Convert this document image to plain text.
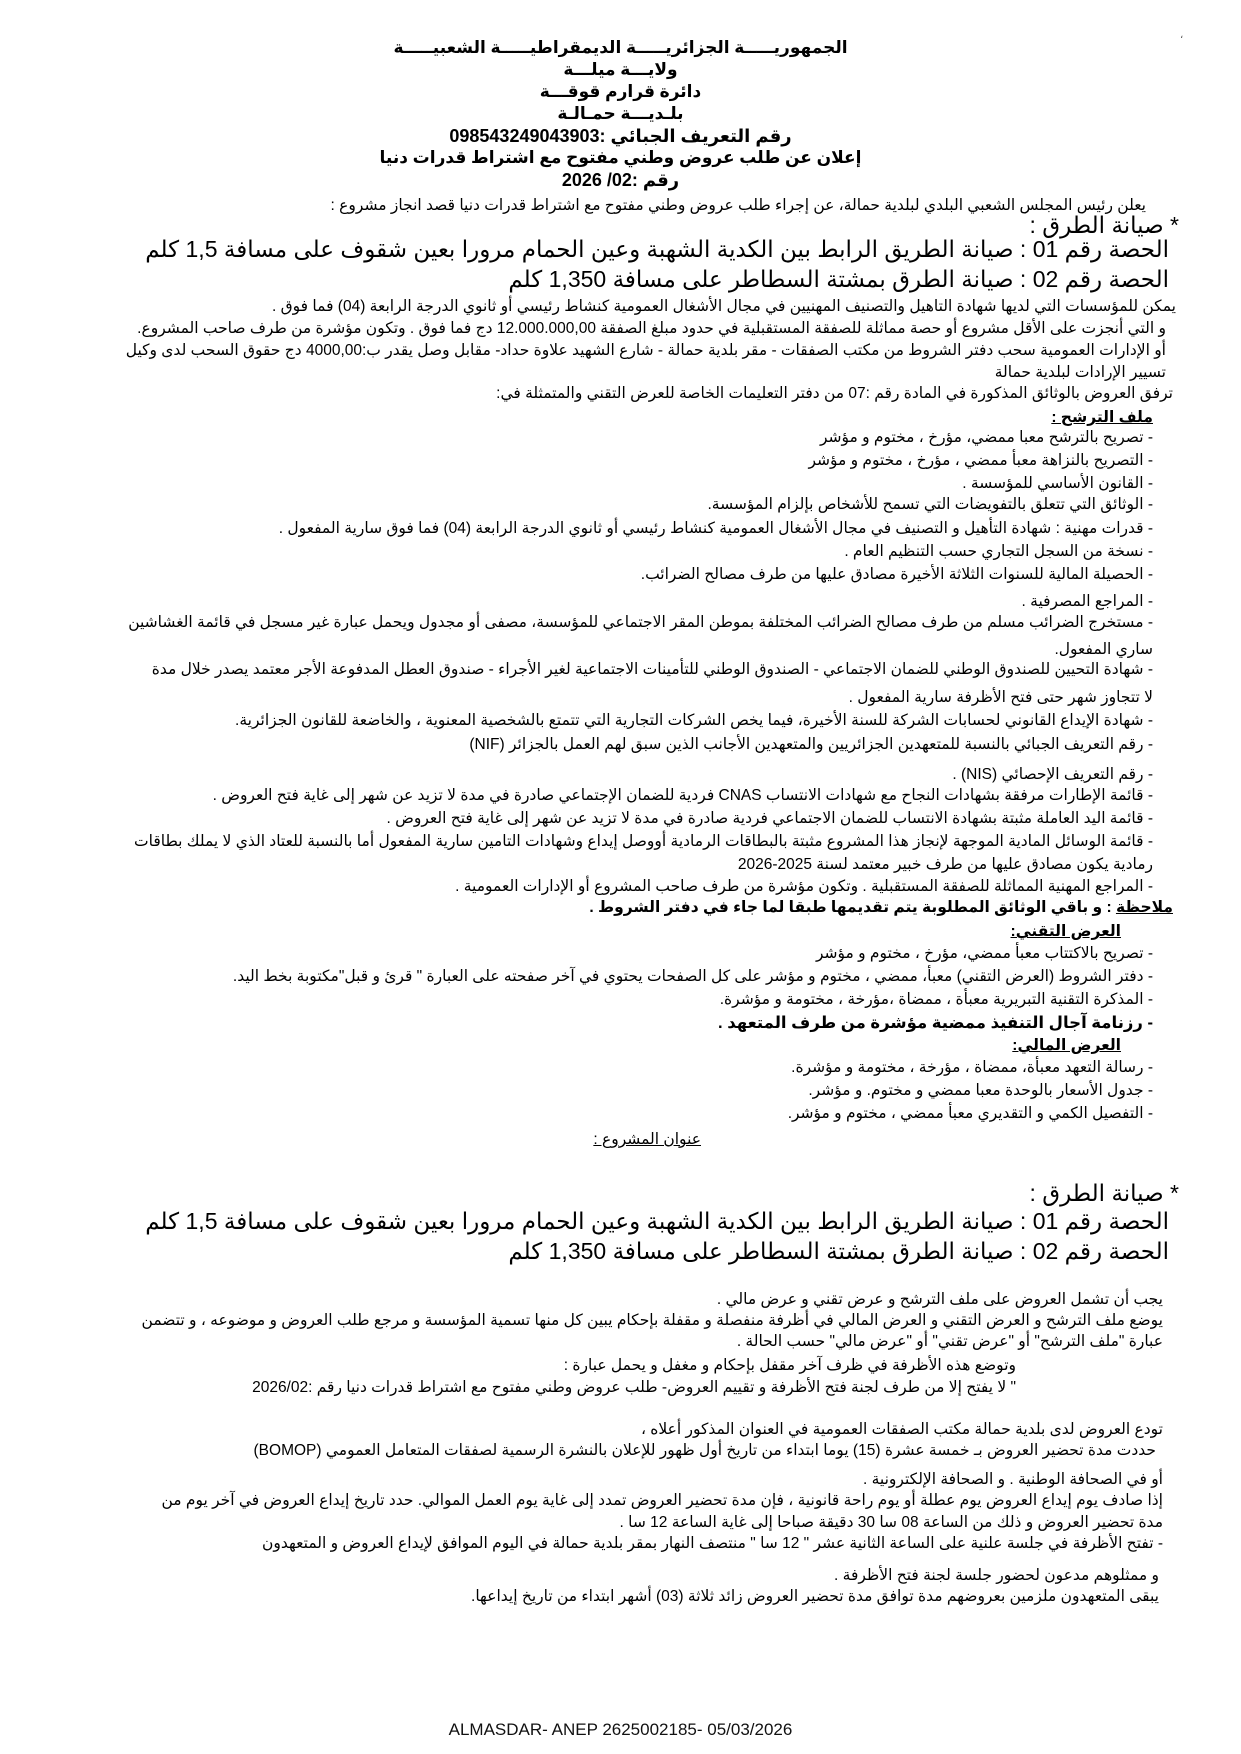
الجمهوريـــــة الجزائريـــــة الديمقراطيـــــة الشعبيـــــة
ولايـــة ميلـــة
دائرة قرارم قوقـــة
بلـديـــة حمـالـة
رقم التعريف الجبائي :098543249043903
إعلان عن طلب عروض وطني مفتوح مع اشتراط قدرات دنيا
رقم :02/ 2026
يعلن رئيس المجلس الشعبي البلدي لبلدية حمالة، عن إجراء طلب عروض وطني مفتوح مع اشتراط قدرات دنيا قصد انجاز مشروع :
* صيانة الطرق :
الحصة رقم 01 : صيانة الطريق الرابط بين الكدية الشهبة وعين الحمام مرورا بعين شقوف على مسافة 1,5 كلم
الحصة رقم 02 : صيانة الطرق بمشتة السطاطر على مسافة 1,350 كلم
يمكن للمؤسسات التي لديها شهادة التاهيل والتصنيف المهنيين في مجال الأشغال العمومية كنشاط رئيسي أو ثانوي الدرجة الرابعة (04) فما فوق .
و التي أنجزت على الأقل مشروع أو حصة مماثلة للصفقة المستقبلية في حدود مبلغ الصفقة 12.000.000,00 دج فما فوق . وتكون مؤشرة من طرف صاحب المشروع.
أو الإدارات العمومية سحب دفتر الشروط من مكتب الصفقات - مقر بلدية حمالة - شارع الشهيد علاوة حداد- مقابل وصل يقدر ب:4000,00 دج حقوق السحب لدى وكيل
تسيير الإرادات لبلدية حمالة
ترفق العروض بالوثائق المذكورة في المادة رقم :07 من دفتر التعليمات الخاصة للعرض التقني والمتمثلة في:
ملف الترشح :
- تصريح بالترشح معبا ممضي، مؤرخ ، مختوم و مؤشر
- التصريح بالنزاهة معبأ ممضي ، مؤرخ ، مختوم و مؤشر
- القانون الأساسي للمؤسسة .
- الوثائق التي تتعلق بالتفويضات التي تسمح للأشخاص بإلزام المؤسسة.
- قدرات مهنية : شهادة التأهيل و التصنيف في مجال الأشغال العمومية كنشاط رئيسي أو ثانوي الدرجة الرابعة (04) فما فوق سارية المفعول .
- نسخة من السجل التجاري حسب التنظيم العام .
- الحصيلة المالية للسنوات الثلاثة الأخيرة مصادق عليها من طرف مصالح الضرائب.
- المراجع المصرفية .
- مستخرج الضرائب مسلم من طرف مصالح الضرائب المختلفة بموطن المقر الاجتماعي للمؤسسة، مصفى أو مجدول ويحمل عبارة غير مسجل في قائمة الغشاشين
ساري المفعول.
- شهادة التحيين للصندوق الوطني للضمان الاجتماعي - الصندوق الوطني للتأمينات الاجتماعية لغير الأجراء - صندوق العطل المدفوعة الأجر معتمد يصدر خلال مدة
لا تتجاوز شهر حتى فتح الأظرفة سارية المفعول .
- شهادة الإيداع القانوني لحسابات الشركة للسنة الأخيرة، فيما يخص الشركات التجارية التي تتمتع بالشخصية المعنوية ، والخاضعة للقانون الجزائرية.
- رقم التعريف الجبائي بالنسبة للمتعهدين الجزائريين والمتعهدين الأجانب الذين سبق لهم العمل بالجزائر (NIF)
- رقم التعريف الإحصائي (NIS) .
- قائمة الإطارات مرفقة بشهادات النجاح مع شهادات الانتساب CNAS فردية للضمان الإجتماعي صادرة في مدة لا تزيد عن شهر إلى غاية فتح العروض .
- قائمة اليد العاملة مثبتة بشهادة الانتساب للضمان الاجتماعي فردية صادرة في مدة لا تزيد عن شهر إلى غاية فتح العروض .
- قائمة الوسائل المادية الموجهة لإنجاز هذا المشروع مثبتة بالبطاقات الرمادية أووصل إيداع وشهادات التامين سارية المفعول أما بالنسبة للعتاد الذي لا يملك بطاقات
رمادية يكون مصادق عليها من طرف خبير معتمد لسنة 2025-2026
- المراجع المهنية المماثلة للصفقة المستقبلية . وتكون مؤشرة من طرف صاحب المشروع أو الإدارات العمومية .
ملاحظة : و باقي الوثائق المطلوبة يتم تقديمها طبقا لما جاء في دفتر الشروط .
العرض التقني:
- تصريح بالاكتتاب معبأ ممضي، مؤرخ ، مختوم و مؤشر
- دفتر الشروط (العرض التقني) معبأ، ممضي ، مختوم و مؤشر على كل الصفحات يحتوي في آخر صفحته على العبارة " قرئ و قبل"مكتوبة بخط اليد.
- المذكرة التقنية التبريرية معبأة ، ممضاة ،مؤرخة ، مختومة و مؤشرة.
- رزنامة آجال التنفيذ ممضية مؤشرة من طرف المتعهد .
العرض المالي:
- رسالة التعهد معبأة، ممضاة ، مؤرخة ، مختومة و مؤشرة.
- جدول الأسعار بالوحدة معبا ممضي و مختوم. و مؤشر.
- التفصيل الكمي و التقديري معبأ ممضي ، مختوم و مؤشر.
عنوان المشروع :
* صيانة الطرق :
الحصة رقم 01 : صيانة الطريق الرابط بين الكدية الشهبة وعين الحمام مرورا بعين شقوف على مسافة 1,5 كلم
الحصة رقم 02 : صيانة الطرق بمشتة السطاطر على مسافة 1,350 كلم
يجب أن تشمل العروض على ملف الترشح و عرض تقني و عرض مالي .
يوضع ملف الترشح و العرض التقني و العرض المالي في أظرفة منفصلة و مقفلة بإحكام يبين كل منها تسمية المؤسسة و مرجع طلب العروض و موضوعه ، و تتضمن
عبارة "ملف الترشح" أو "عرض تقني" أو "عرض مالي" حسب الحالة .
وتوضع هذه الأظرفة في ظرف آخر مقفل بإحكام و مغفل و يحمل عبارة :
" لا يفتح إلا من طرف لجنة فتح الأظرفة و تقييم العروض- طلب عروض وطني مفتوح مع اشتراط قدرات دنيا رقم :2026/02
تودع العروض لدى بلدية حمالة مكتب الصفقات العمومية في العنوان المذكور أعلاه ،
حددت مدة تحضير العروض بـ خمسة عشرة (15) يوما ابتداء من تاريخ أول ظهور للإعلان بالنشرة الرسمية لصفقات المتعامل العمومي (BOMOP)
أو في الصحافة الوطنية . و الصحافة الإلكترونية .
إذا صادف يوم إيداع العروض يوم عطلة أو يوم راحة قانونية ، فإن مدة تحضير العروض تمدد إلى غاية يوم العمل الموالي. حدد تاريخ إيداع العروض في آخر يوم من
مدة تحضير العروض و ذلك من الساعة 08 سا 30 دقيقة صباحا إلى غاية الساعة 12 سا .
- تفتح الأظرفة في جلسة علنية على الساعة الثانية عشر " 12 سا " منتصف النهار بمقر بلدية حمالة في اليوم الموافق لإيداع العروض و المتعهدون
و ممثلوهم مدعون لحضور جلسة لجنة فتح الأظرفة .
يبقى المتعهدون ملزمين بعروضهم مدة توافق مدة تحضير العروض زائد ثلاثة (03) أشهر ابتداء من تاريخ إيداعها.
،
ALMASDAR- ANEP 2625002185- 05/03/2026
